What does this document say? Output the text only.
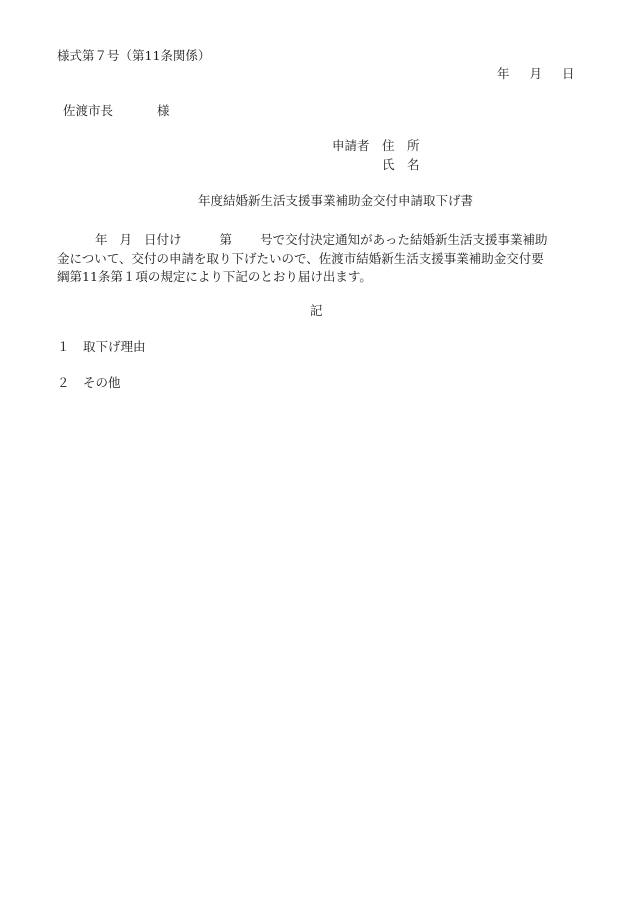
様式第７号（第11条関係）
年 月 日
佐渡市長	様
申請者 住　所
氏　名
年度結婚新生活支援事業補助金交付申請取下げ書
年 月 日付け	第 号で交付決定通知があった結婚新生活支援事業補助
金について、交付の申請を取り下げたいので、佐渡市結婚新生活支援事業補助金交付要
綱第11条第１項の規定により下記のとおり届け出ます。
記
１ 取下げ理由
２ その他
